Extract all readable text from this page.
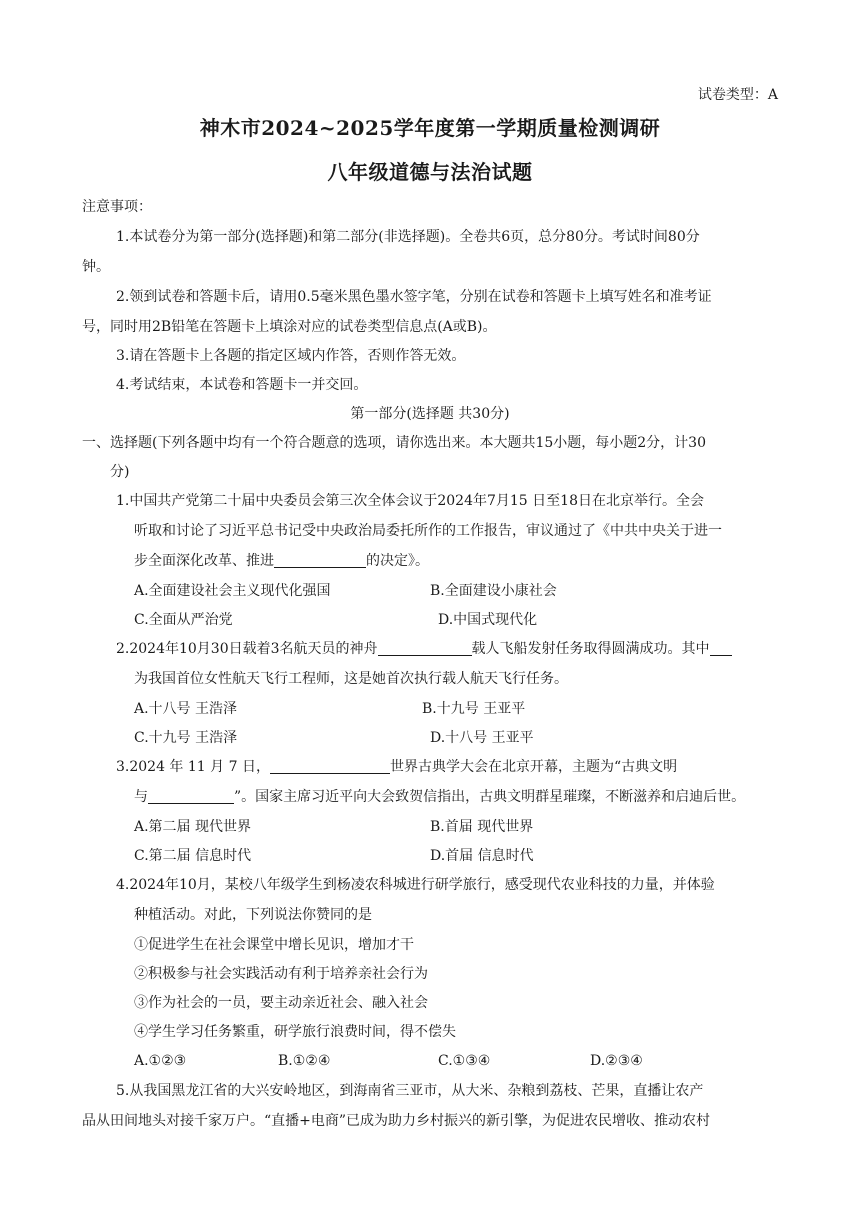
试卷类型：A
神木市2024~2025学年度第一学期质量检测调研
八年级道德与法治试题
注意事项：
1.本试卷分为第一部分(选择题)和第二部分(非选择题)。全卷共6页，总分80分。考试时间80分
钟。
2.领到试卷和答题卡后，请用0.5毫米黑色墨水签字笔，分别在试卷和答题卡上填写姓名和准考证
号，同时用2B铅笔在答题卡上填涂对应的试卷类型信息点(A或B)。
3.请在答题卡上各题的指定区域内作答，否则作答无效。
4.考试结束，本试卷和答题卡一并交回。
第一部分(选择题 共30分)
一、选择题(下列各题中均有一个符合题意的选项，请你选出来。本大题共15小题，每小题2分，计30
分)
1.中国共产党第二十届中央委员会第三次全体会议于2024年7月15 日至18日在北京举行。全会
听取和讨论了习近平总书记受中央政治局委托所作的工作报告，审议通过了《中共中央关于进一
步全面深化改革、推进	的决定》。
A.全面建设社会主义现代化强国	B.全面建设小康社会
C.全面从严治党	D.中国式现代化
2.2024年10月30日载着3名航天员的神舟	载人飞船发射任务取得圆满成功。其中
为我国首位女性航天飞行工程师，这是她首次执行载人航天飞行任务。
A.十八号 王浩泽	B.十九号 王亚平
C.十九号 王浩泽	D.十八号 王亚平
3.2024 年 11 月 7 日，	世界古典学大会在北京开幕，主题为“古典文明
与	”。国家主席习近平向大会致贺信指出，古典文明群星璀璨，不断滋养和启迪后世。
A.第二届 现代世界	B.首届 现代世界
C.第二届 信息时代	D.首届 信息时代
4.2024年10月，某校八年级学生到杨凌农科城进行研学旅行，感受现代农业科技的力量，并体验
种植活动。对此，下列说法你赞同的是
①促进学生在社会课堂中增长见识，增加才干
②积极参与社会实践活动有利于培养亲社会行为
③作为社会的一员，要主动亲近社会、融入社会
④学生学习任务繁重，研学旅行浪费时间，得不偿失
A.①②③	B.①②④	C.①③④	D.②③④
5.从我国黑龙江省的大兴安岭地区，到海南省三亚市，从大米、杂粮到荔枝、芒果，直播让农产
品从田间地头对接千家万户。“直播+电商”已成为助力乡村振兴的新引擎，为促进农民增收、推动农村
